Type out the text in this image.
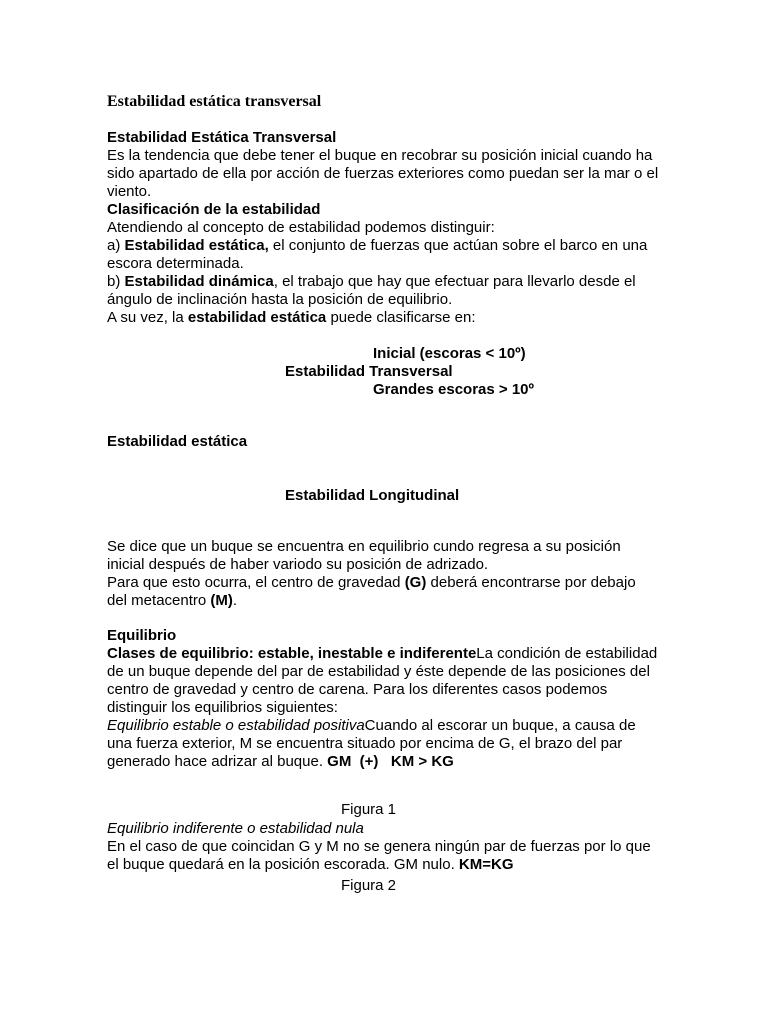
Estabilidad estática transversal
Estabilidad Estática Transversal
Es la tendencia que debe tener el buque en recobrar su posición inicial cuando ha
sido apartado de ella por acción de fuerzas exteriores como puedan ser la mar o el
viento.
Clasificación de la estabilidad
Atendiendo al concepto de estabilidad podemos distinguir:
a) Estabilidad estática, el conjunto de fuerzas que actúan sobre el barco en una
escora determinada.
b) Estabilidad dinámica, el trabajo que hay que efectuar para llevarlo desde el
ángulo de inclinación hasta la posición de equilibrio.
A su vez, la estabilidad estática puede clasificarse en:
Inicial (escoras < 10º)
Estabilidad Transversal
Grandes escoras > 10º
Estabilidad estática
Estabilidad Longitudinal
Se dice que un buque se encuentra en equilibrio cundo regresa a su posición
inicial después de haber variodo su posición de adrizado.
Para que esto ocurra, el centro de gravedad (G) deberá encontrarse por debajo
del metacentro (M).
Equilibrio
Clases de equilibrio: estable, inestable e indiferenteLa condición de estabilidad
de un buque depende del par de estabilidad y éste depende de las posiciones del
centro de gravedad y centro de carena. Para los diferentes casos podemos
distinguir los equilibrios siguientes:
Equilibrio estable o estabilidad positivaCuando al escorar un buque, a causa de
una fuerza exterior, M se encuentra situado por encima de G, el brazo del par
generado hace adrizar al buque. GM  (+)   KM > KG
Figura 1
Equilibrio indiferente o estabilidad nula
En el caso de que coincidan G y M no se genera ningún par de fuerzas por lo que
el buque quedará en la posición escorada. GM nulo. KM=KG
Figura 2
